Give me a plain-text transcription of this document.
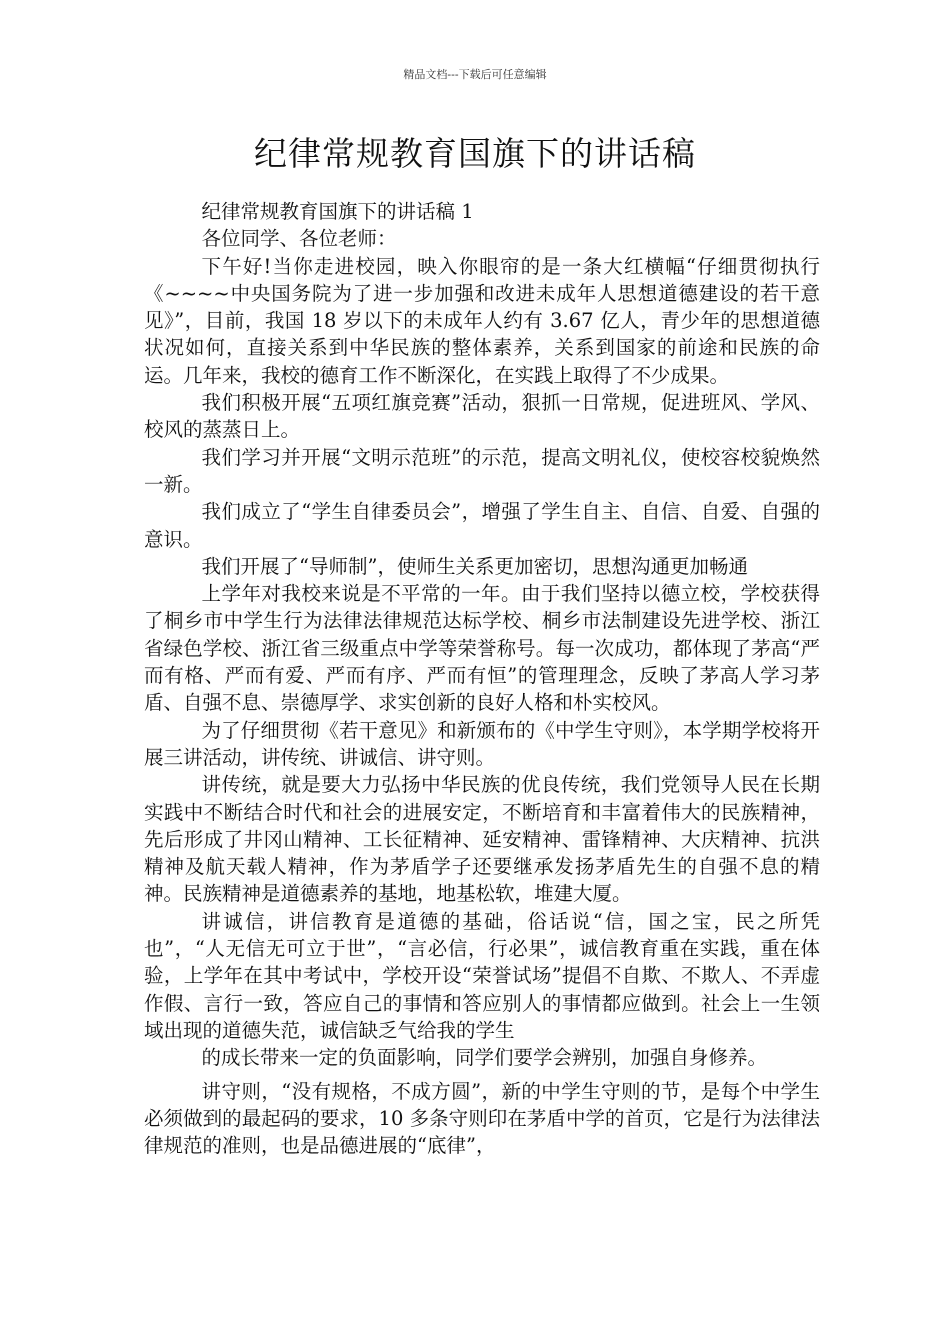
精品文档---下载后可任意编辑
纪律常规教育国旗下的讲话稿

纪律常规教育国旗下的讲话稿 1

各位同学、各位老师：

下午好!当你走进校园，映入你眼帘的是一条大红横幅“仔细贯彻执行《~~~~中央国务院为了进一步加强和改进未成年人思想道德建设的若干意见》”，目前，我国 18 岁以下的未成年人约有 3.67 亿人，青少年的思想道德状况如何，直接关系到中华民族的整体素养，关系到国家的前途和民族的命运。几年来，我校的德育工作不断深化，在实践上取得了不少成果。

我们积极开展“五项红旗竞赛”活动，狠抓一日常规，促进班风、学风、校风的蒸蒸日上。

我们学习并开展“文明示范班”的示范，提高文明礼仪，使校容校貌焕然一新。

我们成立了“学生自律委员会”，增强了学生自主、自信、自爱、自强的意识。

我们开展了“导师制”，使师生关系更加密切，思想沟通更加畅通

上学年对我校来说是不平常的一年。由于我们坚持以德立校，学校获得了桐乡市中学生行为法律法律规范达标学校、桐乡市法制建设先进学校、浙江省绿色学校、浙江省三级重点中学等荣誉称号。每一次成功，都体现了茅高“严而有格、严而有爱、严而有序、严而有恒”的管理理念，反映了茅高人学习茅盾、自强不息、崇德厚学、求实创新的良好人格和朴实校风。

为了仔细贯彻《若干意见》和新颁布的《中学生守则》，本学期学校将开展三讲活动，讲传统、讲诚信、讲守则。

讲传统，就是要大力弘扬中华民族的优良传统，我们党领导人民在长期实践中不断结合时代和社会的进展安定，不断培育和丰富着伟大的民族精神，先后形成了井冈山精神、工长征精神、延安精神、雷锋精神、大庆精神、抗洪精神及航天载人精神，作为茅盾学子还要继承发扬茅盾先生的自强不息的精神。民族精神是道德素养的基地，地基松软，堆建大厦。

讲诚信，讲信教育是道德的基础，俗话说“信，国之宝，民之所凭也”，“人无信无可立于世”，“言必信，行必果”，诚信教育重在实践，重在体验，上学年在其中考试中，学校开设“荣誉试场”提倡不自欺、不欺人、不弄虚作假、言行一致，答应自己的事情和答应别人的事情都应做到。社会上一生领域出现的道德失范，诚信缺乏气给我的学生

的成长带来一定的负面影响，同学们要学会辨别，加强自身修养。

讲守则，“没有规格，不成方圆”，新的中学生守则的节，是每个中学生必须做到的最起码的要求，10 多条守则印在茅盾中学的首页，它是行为法律法律规范的准则，也是品德进展的“底律”，
